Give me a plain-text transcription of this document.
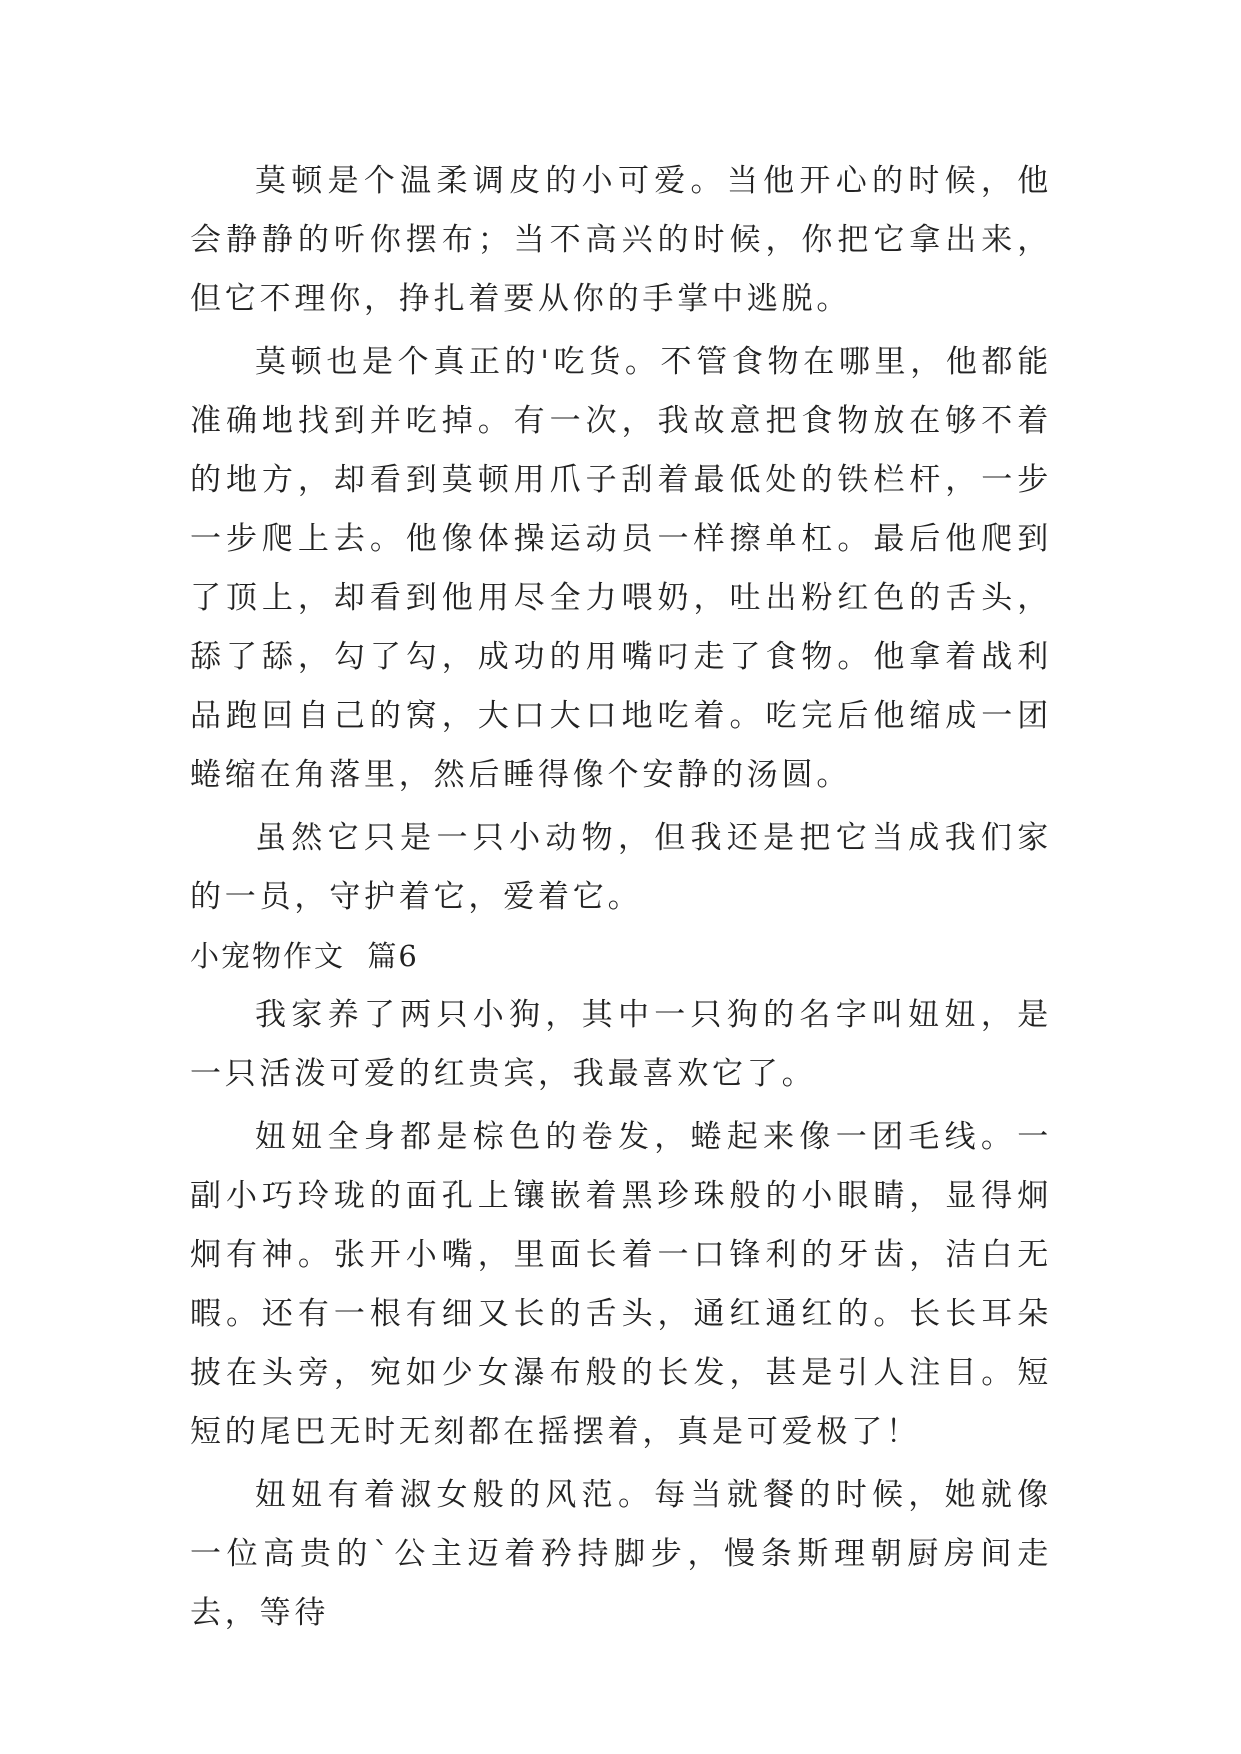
莫顿是个温柔调皮的小可爱。当他开心的时候，他会静静的听你摆布；当不高兴的时候，你把它拿出来，但它不理你，挣扎着要从你的手掌中逃脱。

莫顿也是个真正的'吃货。不管食物在哪里，他都能准确地找到并吃掉。有一次，我故意把食物放在够不着的地方，却看到莫顿用爪子刮着最低处的铁栏杆，一步一步爬上去。他像体操运动员一样擦单杠。最后他爬到了顶上，却看到他用尽全力喂奶，吐出粉红色的舌头，舔了舔，勾了勾，成功的用嘴叼走了食物。他拿着战利品跑回自己的窝，大口大口地吃着。吃完后他缩成一团蜷缩在角落里，然后睡得像个安静的汤圆。

虽然它只是一只小动物，但我还是把它当成我们家的一员，守护着它，爱着它。

小宠物作文  篇6

我家养了两只小狗，其中一只狗的名字叫妞妞，是一只活泼可爱的红贵宾，我最喜欢它了。

妞妞全身都是棕色的卷发，蜷起来像一团毛线。一副小巧玲珑的面孔上镶嵌着黑珍珠般的小眼睛，显得炯炯有神。张开小嘴，里面长着一口锋利的牙齿，洁白无暇。还有一根有细又长的舌头，通红通红的。长长耳朵披在头旁，宛如少女瀑布般的长发，甚是引人注目。短短的尾巴无时无刻都在摇摆着，真是可爱极了！

妞妞有着淑女般的风范。每当就餐的时候，她就像一位高贵的`公主迈着矜持脚步，慢条斯理朝厨房间走去，等待
